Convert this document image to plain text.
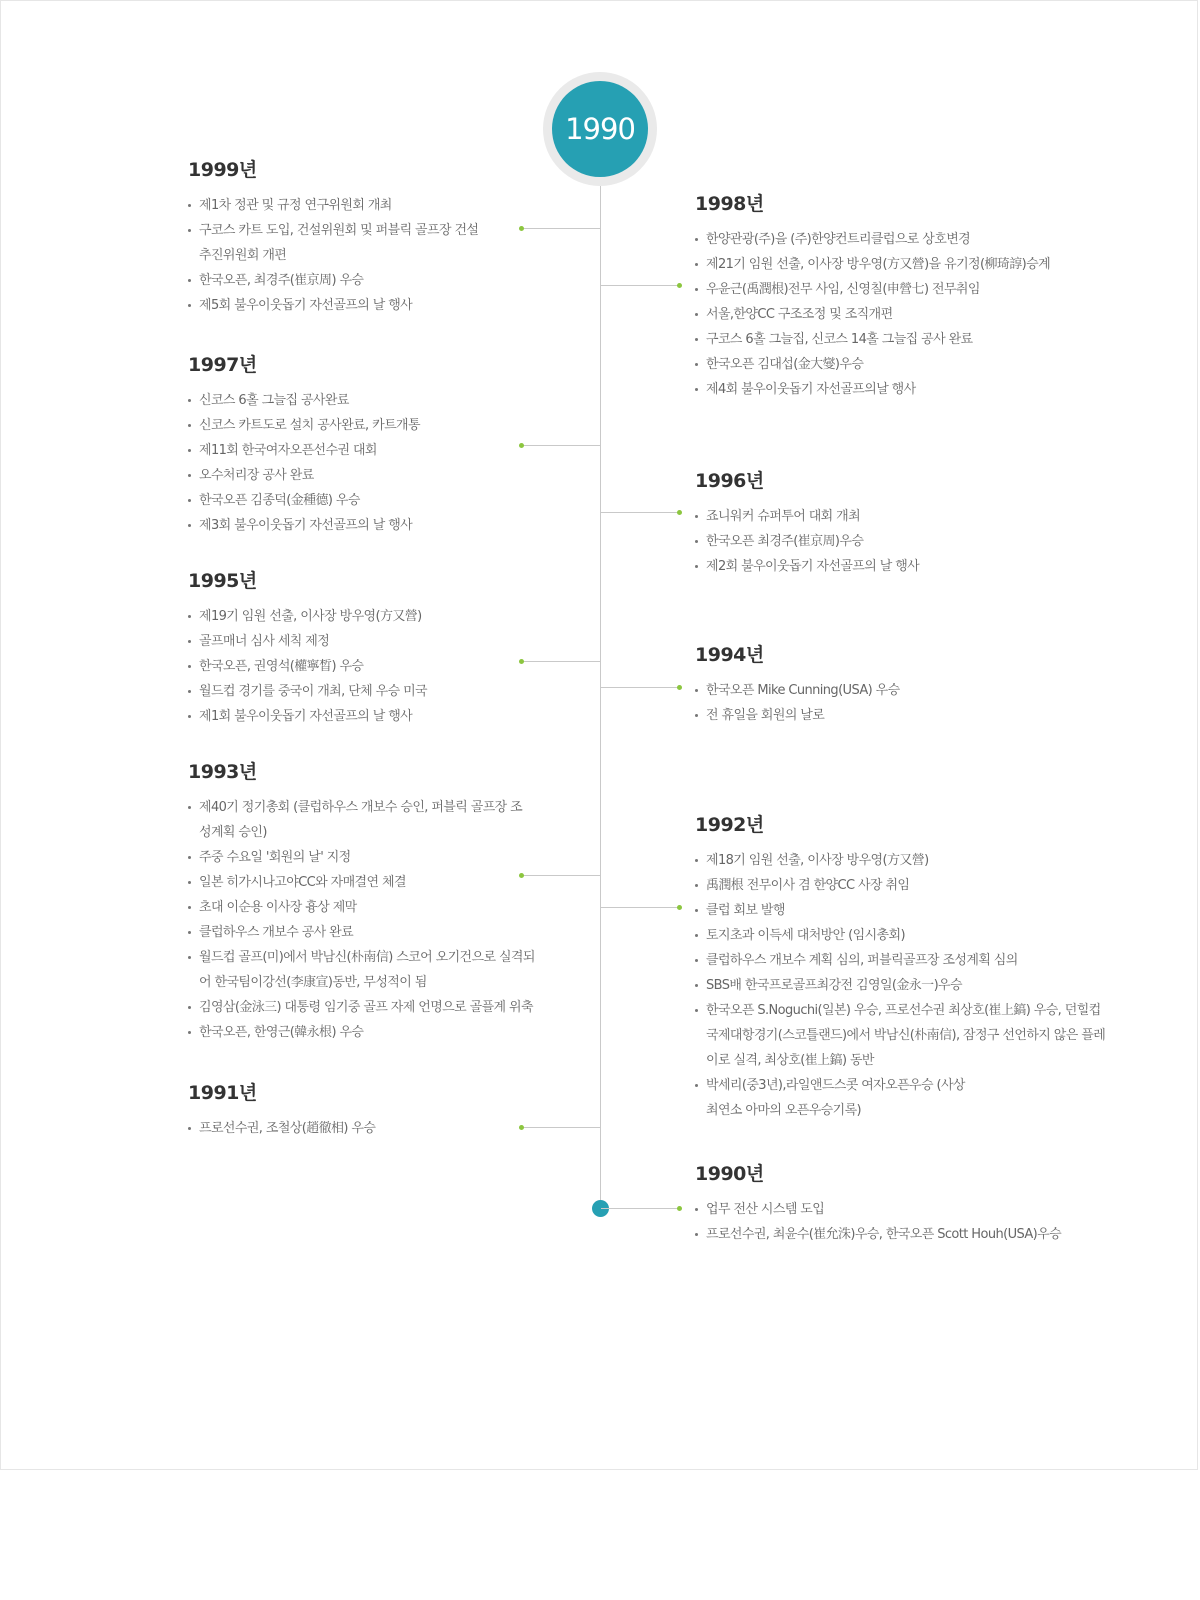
1990
1999년
제1차 정관 및 규정 연구위원회 개최
구코스 카트 도입, 건설위원회 및 퍼블릭 골프장 건설 추진위원회 개편
한국오픈, 최경주(崔京周) 우승
제5회 불우이웃돕기 자선골프의 날 행사
1997년
신코스 6홀 그늘집 공사완료
신코스 카트도로 설치 공사완료, 카트개통
제11회 한국여자오픈선수권 대회
오수처리장 공사 완료
한국오픈 김종덕(金種德) 우승
제3회 불우이웃돕기 자선골프의 날 행사
1995년
제19기 임원 선출, 이사장 방우영(方又營)
골프매너 심사 세칙 제정
한국오픈, 권영석(權寧晳) 우승
월드컵 경기를 중국이 개최, 단체 우승 미국
제1회 불우이웃돕기 자선골프의 날 행사
1993년
제40기 정기총회 (클럽하우스 개보수 승인, 퍼블릭 골프장 조성계획 승인)
주중 수요일 '회원의 날' 지정
일본 히가시나고야CC와 자매결연 체결
초대 이순용 이사장 흉상 제막
클럽하우스 개보수 공사 완료
월드컵 골프(미)에서 박남신(朴南信) 스코어 오기건으로 실격되어 한국팀이강선(李康宣)동반, 무성적이 됨
김영삼(金泳三) 대통령 임기중 골프 자제 언명으로 골플계 위축
한국오픈, 한영근(韓永根) 우승
1991년
프로선수권, 조철상(趙徹相) 우승
1998년
한양관광(주)을 (주)한양컨트리클럽으로 상호변경
제21기 임원 선출, 이사장 방우영(方又營)을 유기정(柳琦諄)승계
우윤근(禹潤根)전무 사임, 신영칠(申營七) 전무취임
서울,한양CC 구조조정 및 조직개편
구코스 6홀 그늘집, 신코스 14홀 그늘집 공사 완료
한국오픈 김대섭(金大燮)우승
제4회 불우이웃돕기 자선골프의날 행사
1996년
죠니워커 슈퍼투어 대회 개최
한국오픈 최경주(崔京周)우승
제2회 불우이웃돕기 자선골프의 날 행사
1994년
한국오픈 Mike Cunning(USA) 우승
전 휴일을 회원의 날로
1992년
제18기 임원 선출, 이사장 방우영(方又營)
禹潤根 전무이사 겸 한양CC 사장 취임
클럽 회보 발행
토지초과 이득세 대처방안 (임시총회)
클럽하우스 개보수 계획 심의, 퍼블릭골프장 조성계획 심의
SBS배 한국프로골프최강전 김영일(金永一)우승
한국오픈 S.Noguchi(일본) 우승, 프로선수권 최상호(崔上鎬) 우승, 던힐컵 국제대항경기(스코틀랜드)에서 박남신(朴南信), 잠정구 선언하지 않은 플레이로 실격, 최상호(崔上鎬) 동반
박세리(중3년),라일앤드스콧 여자오픈우승 (사상최연소 아마의 오픈우승기록)
1990년
업무 전산 시스템 도입
프로선수권, 최윤수(崔允洙)우승, 한국오픈 Scott Houh(USA)우승
